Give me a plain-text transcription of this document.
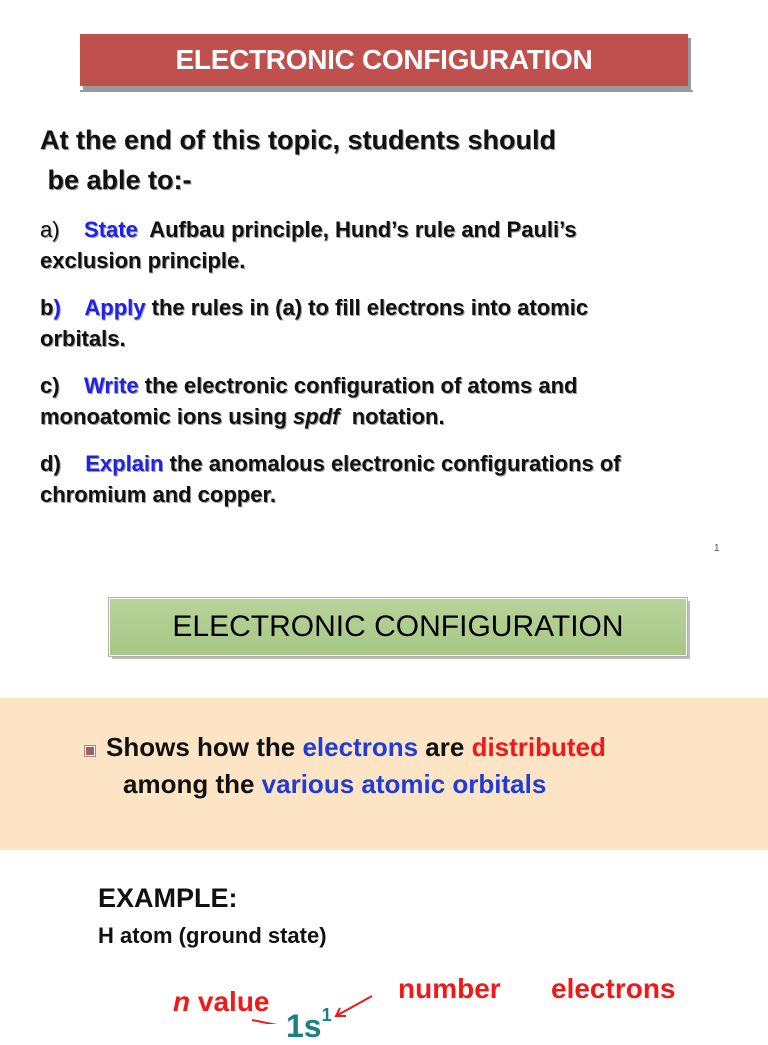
ELECTRONIC CONFIGURATION
At the end of this topic, students should
be able to:-
a) State  Aufbau principle, Hund’s rule and Pauli’s
exclusion principle.
b) Apply the rules in (a) to fill electrons into atomic
orbitals.
c) Write the electronic configuration of atoms and
monoatomic ions using spdf  notation.
d) Explain the anomalous electronic configurations of
chromium and copper.
1
ELECTRONIC CONFIGURATION
Shows how the electrons are distributed
among the various atomic orbitals
EXAMPLE:
H atom (ground state)
n value	number electrons
$1s^1$
